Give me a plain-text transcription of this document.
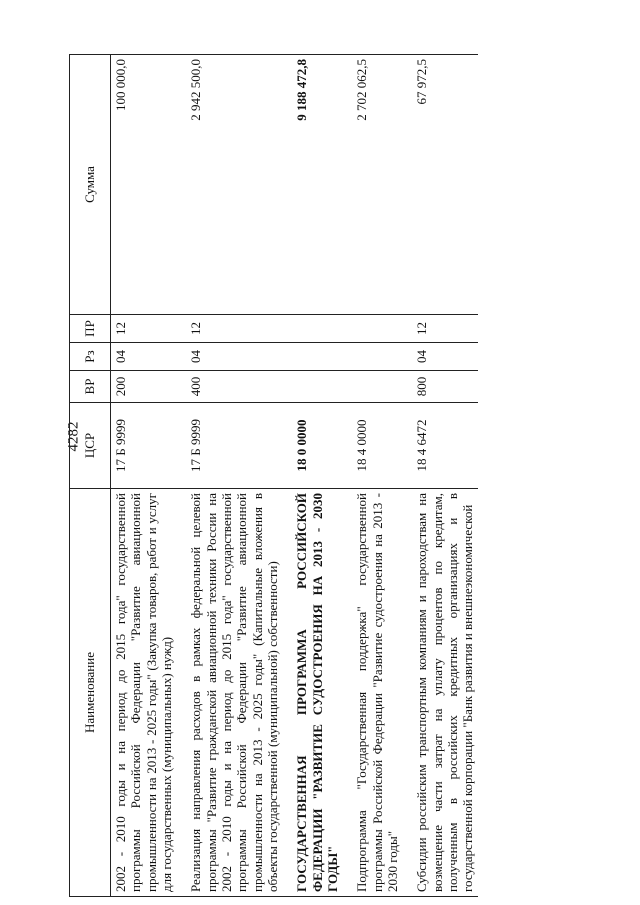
4282
Наименование	ЦСР	ВР	Рз	ПР	Сумма
2002 - 2010 годы и на период до 2015 года" государственной программы Российской Федерации "Развитие авиационной промышленности на 2013 - 2025 годы" (Закупка товаров, работ и услуг для государственных (муниципальных) нужд)	17 Б 9999	200	04	12	100 000,0
Реализация направления расходов в рамках федеральной целевой программы "Развитие гражданской авиационной техники России на 2002 - 2010 годы и на период до 2015 года" государственной программы Российской Федерации "Развитие авиационной промышленности на 2013 - 2025 годы" (Капитальные вложения в объекты государственной (муниципальной) собственности)	17 Б 9999	400	04	12	2 942 500,0
ГОСУДАРСТВЕННАЯ ПРОГРАММА РОССИЙСКОЙ ФЕДЕРАЦИИ "РАЗВИТИЕ СУДОСТРОЕНИЯ НА 2013 - 2030 ГОДЫ"	18 0 0000				9 188 472,8
Подпрограмма "Государственная поддержка" государственной программы Российской Федерации "Развитие судостроения на 2013 - 2030 годы"	18 4 0000				2 702 062,5
Субсидии российским транспортным компаниям и пароходствам на возмещение части затрат на уплату процентов по кредитам, полученным в российских кредитных организациях и в государственной корпорации "Банк развития и внешнеэкономической	18 4 6472	800	04	12	67 972,5
